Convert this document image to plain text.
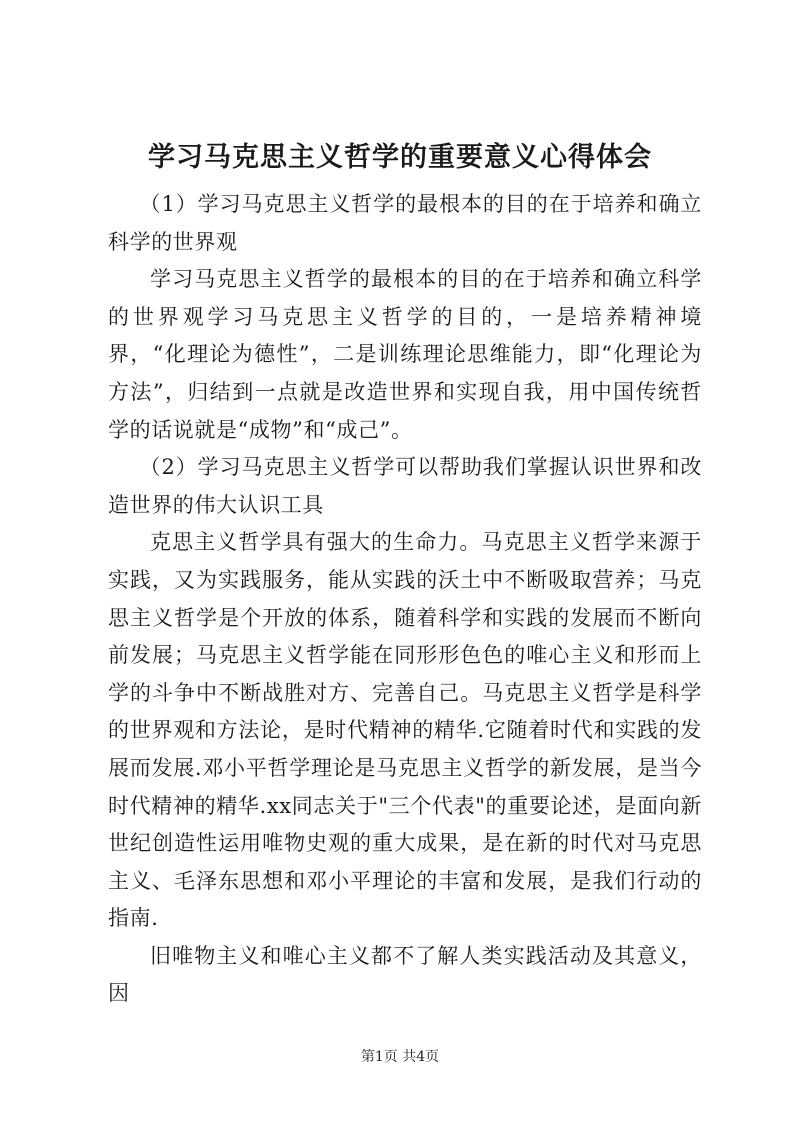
学习马克思主义哲学的重要意义心得体会

（1）学习马克思主义哲学的最根本的目的在于培养和确立科学的世界观

学习马克思主义哲学的最根本的目的在于培养和确立科学的世界观学习马克思主义哲学的目的，一是培养精神境界，“化理论为德性”，二是训练理论思维能力，即“化理论为方法”，归结到一点就是改造世界和实现自我，用中国传统哲学的话说就是“成物”和“成己”。

（2）学习马克思主义哲学可以帮助我们掌握认识世界和改造世界的伟大认识工具

克思主义哲学具有强大的生命力。马克思主义哲学来源于实践，又为实践服务，能从实践的沃土中不断吸取营养；马克思主义哲学是个开放的体系，随着科学和实践的发展而不断向前发展；马克思主义哲学能在同形形色色的唯心主义和形而上学的斗争中不断战胜对方、完善自己。马克思主义哲学是科学的世界观和方法论，是时代精神的精华.它随着时代和实践的发展而发展.邓小平哲学理论是马克思主义哲学的新发展，是当今时代精神的精华.xx同志关于"三个代表"的重要论述，是面向新世纪创造性运用唯物史观的重大成果，是在新的时代对马克思主义、毛泽东思想和邓小平理论的丰富和发展，是我们行动的指南.

旧唯物主义和唯心主义都不了解人类实践活动及其意义，因

第1页 共4页
